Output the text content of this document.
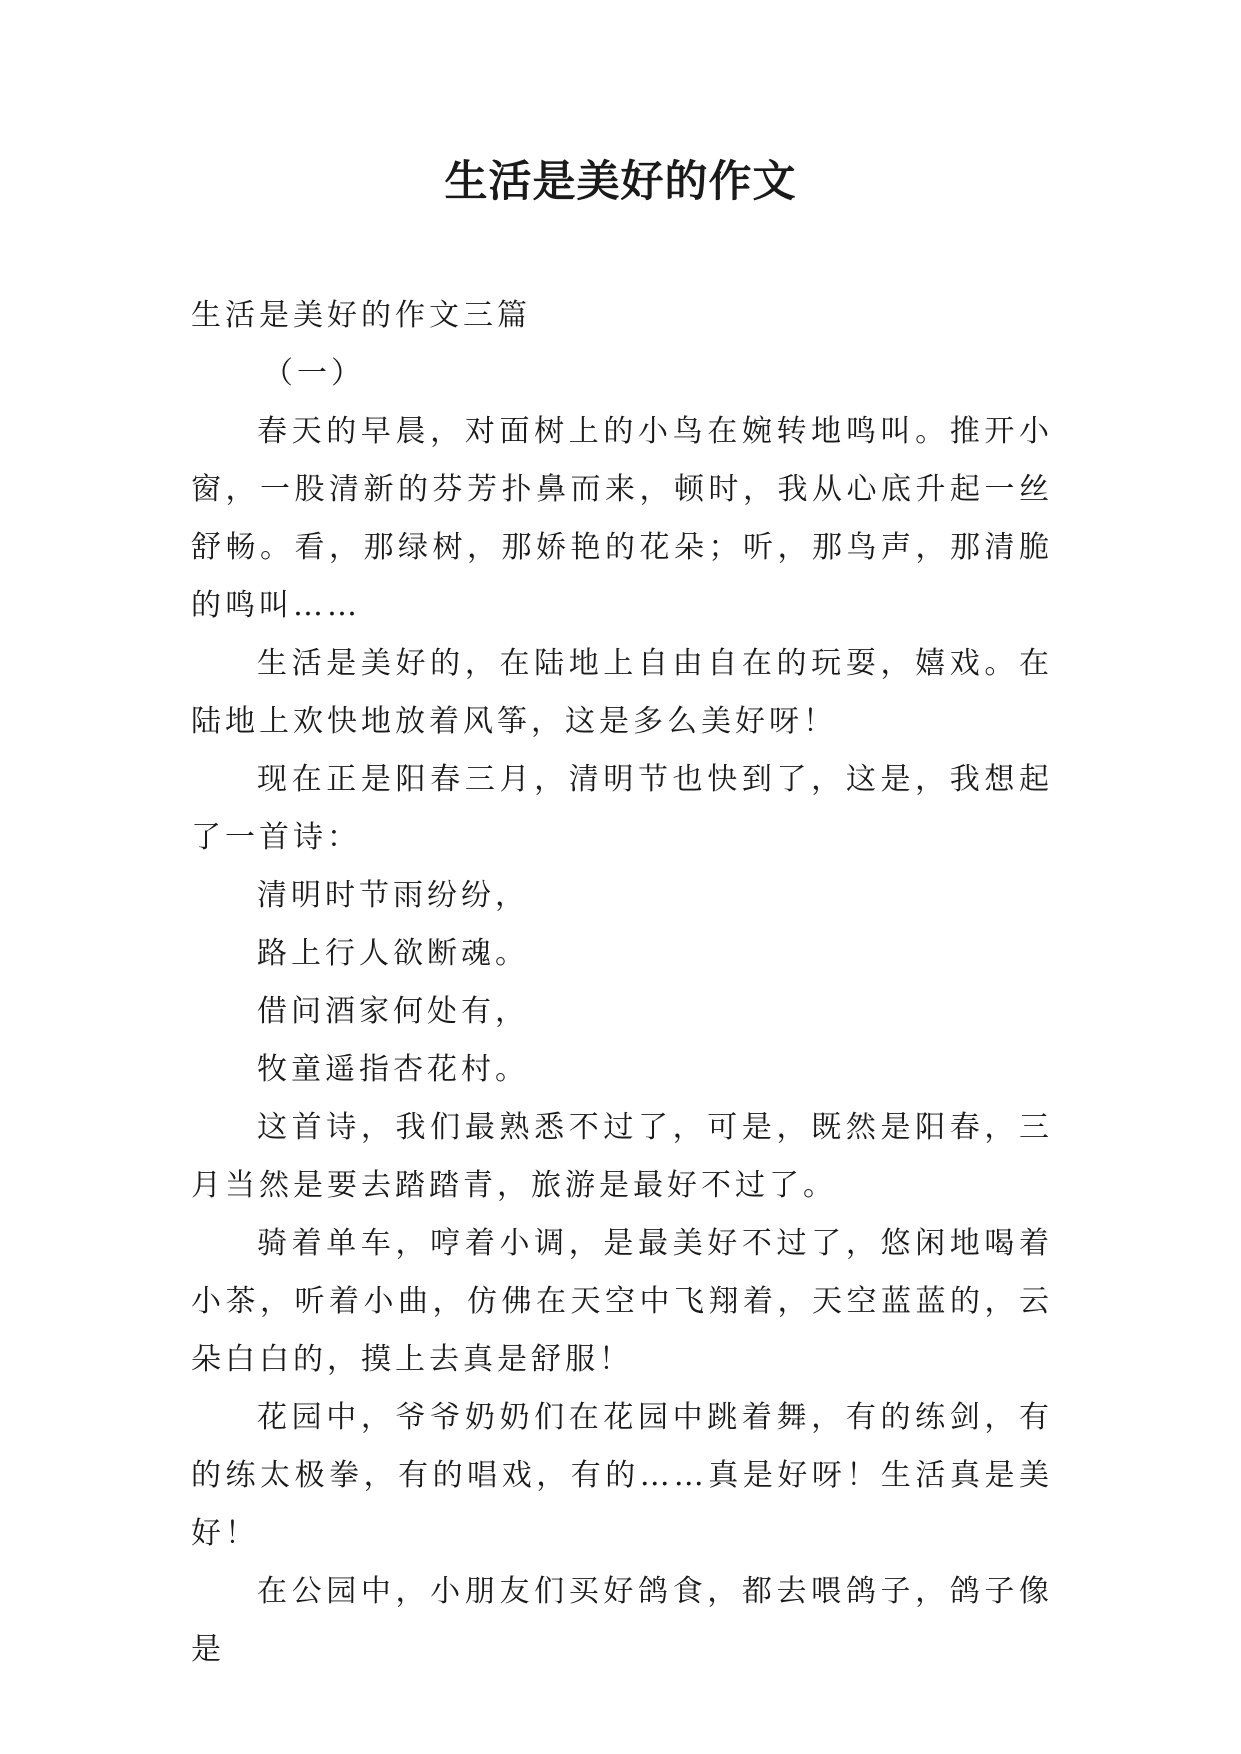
生活是美好的作文

生活是美好的作文三篇

（一）

春天的早晨，对面树上的小鸟在婉转地鸣叫。推开小窗，一股清新的芬芳扑鼻而来，顿时，我从心底升起一丝舒畅。看，那绿树，那娇艳的花朵；听，那鸟声，那清脆的鸣叫……

生活是美好的，在陆地上自由自在的玩耍，嬉戏。在陆地上欢快地放着风筝，这是多么美好呀！

现在正是阳春三月，清明节也快到了，这是，我想起了一首诗：

清明时节雨纷纷，

路上行人欲断魂。

借问酒家何处有，

牧童遥指杏花村。

这首诗，我们最熟悉不过了，可是，既然是阳春，三月当然是要去踏踏青，旅游是最好不过了。

骑着单车，哼着小调，是最美好不过了，悠闲地喝着小茶，听着小曲，仿佛在天空中飞翔着，天空蓝蓝的，云朵白白的，摸上去真是舒服！

花园中，爷爷奶奶们在花园中跳着舞，有的练剑，有的练太极拳，有的唱戏，有的……真是好呀！生活真是美好！

在公园中，小朋友们买好鸽食，都去喂鸽子，鸽子像是
